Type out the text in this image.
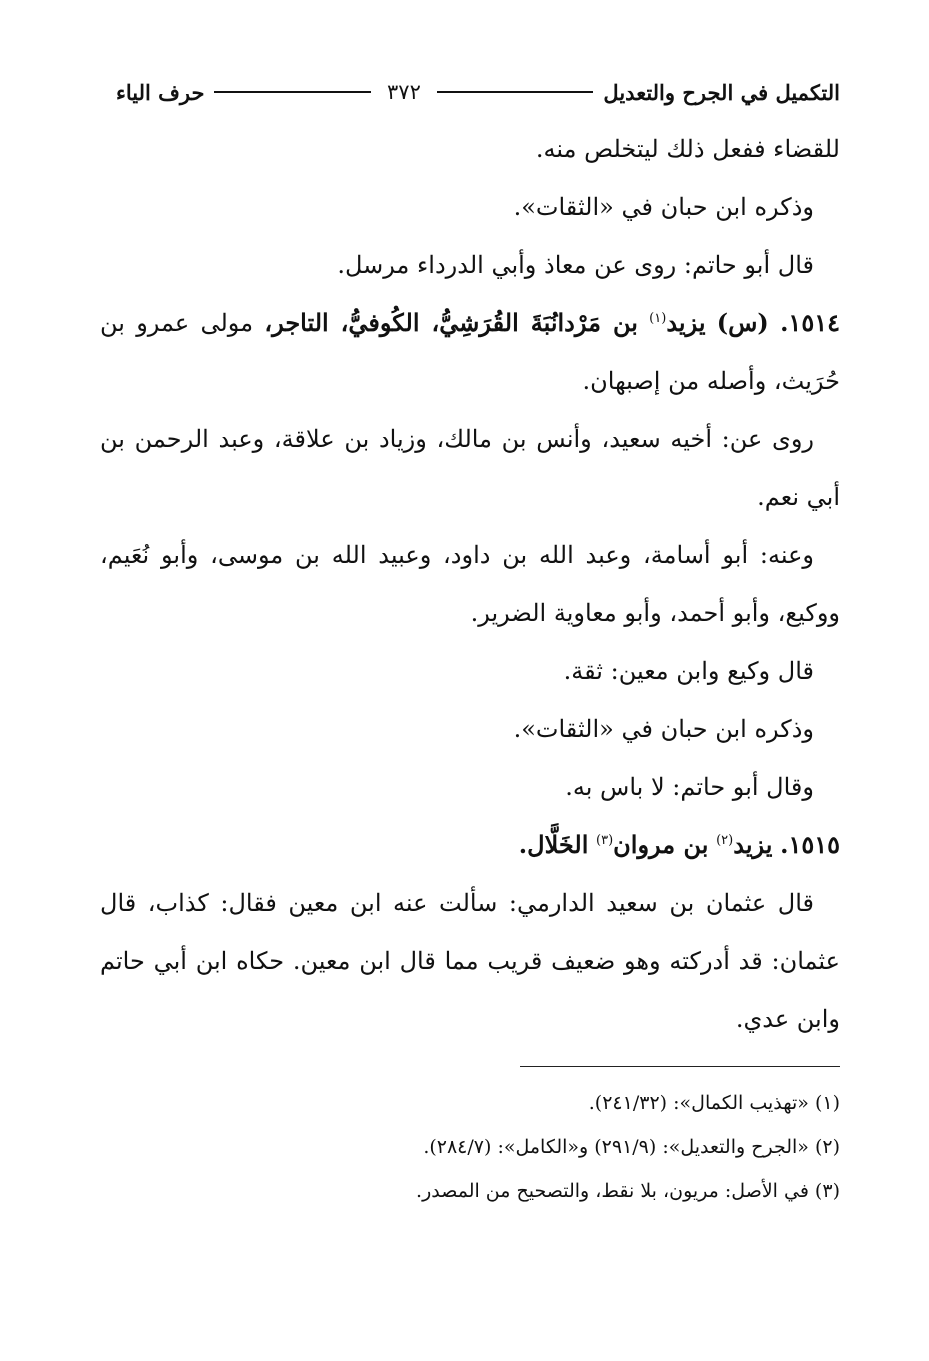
التكميل في الجرح والتعديل
٣٧٢
حرف الياء

للقضاء ففعل ذلك ليتخلص منه.

وذكره ابن حبان في «الثقات».

قال أبو حاتم: روى عن معاذ وأبي الدرداء مرسل.

١٥١٤. (س) يزيد$^{(١)}$ بن مَرْدانُبَةَ القُرَشِيُّ، الكُوفيُّ، التاجر، مولى عمرو بن حُرَيث، وأصله من إصبهان.

روى عن: أخيه سعيد، وأنس بن مالك، وزياد بن علاقة، وعبد الرحمن بن أبي نعم.

وعنه: أبو أسامة، وعبد الله بن داود، وعبيد الله بن موسى، وأبو نُعَيم، ووكيع، وأبو أحمد، وأبو معاوية الضرير.

قال وكيع وابن معين: ثقة.

وذكره ابن حبان في «الثقات».

وقال أبو حاتم: لا باس به.

١٥١٥. يزيد$^{(٢)}$ بن مروان$^{(٣)}$ الخَلَّال.

قال عثمان بن سعيد الدارمي: سألت عنه ابن معين فقال: كذاب، قال عثمان: قد أدركته وهو ضعيف قريب مما قال ابن معين. حكاه ابن أبي حاتم وابن عدي.

(١) «تهذيب الكمال»: (٢٤١/٣٢).

(٢) «الجرح والتعديل»: (٢٩١/٩) و«الكامل»: (٢٨٤/٧).

(٣) في الأصل: مريون، بلا نقط، والتصحيح من المصدر.
